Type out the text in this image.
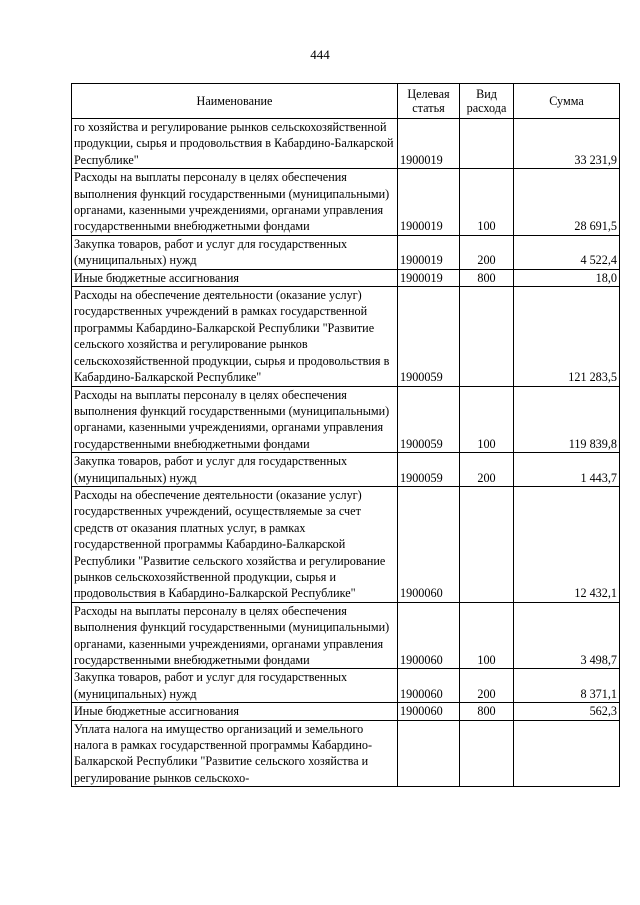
444
Наименование	Целевая статья	Вид расхода	Сумма
го хозяйства и регулирование рынков сельскохозяйственной продукции, сырья и продовольствия в Кабардино-Балкарской Республике"	1900019		33 231,9
Расходы на выплаты персоналу в целях обеспечения выполнения функций государственными (муниципальными) органами, казенными учреждениями, органами управления государственными внебюджетными фондами	1900019	100	28 691,5
Закупка товаров, работ и услуг для государственных (муниципальных) нужд	1900019	200	4 522,4
Иные бюджетные ассигнования	1900019	800	18,0
Расходы на обеспечение деятельности (оказание услуг) государственных учреждений в рамках государственной программы Кабардино-Балкарской Республики "Развитие сельского хозяйства и регулирование рынков сельскохозяйственной продукции, сырья и продовольствия в Кабардино-Балкарской Республике"	1900059		121 283,5
Расходы на выплаты персоналу в целях обеспечения выполнения функций государственными (муниципальными) органами, казенными учреждениями, органами управления государственными внебюджетными фондами	1900059	100	119 839,8
Закупка товаров, работ и услуг для государственных (муниципальных) нужд	1900059	200	1 443,7
Расходы на обеспечение деятельности (оказание услуг) государственных учреждений, осуществляемые за счет средств от оказания платных услуг, в рамках государственной программы Кабардино-Балкарской Республики "Развитие сельского хозяйства и регулирование рынков сельскохозяйственной продукции, сырья и продовольствия в Кабардино-Балкарской Республике"	1900060		12 432,1
Расходы на выплаты персоналу в целях обеспечения выполнения функций государственными (муниципальными) органами, казенными учреждениями, органами управления государственными внебюджетными фондами	1900060	100	3 498,7
Закупка товаров, работ и услуг для государственных (муниципальных) нужд	1900060	200	8 371,1
Иные бюджетные ассигнования	1900060	800	562,3
Уплата налога на имущество организаций и земельного налога в рамках государственной программы Кабардино-Балкарской Республики "Развитие сельского хозяйства и регулирование рынков сельскохо-			
